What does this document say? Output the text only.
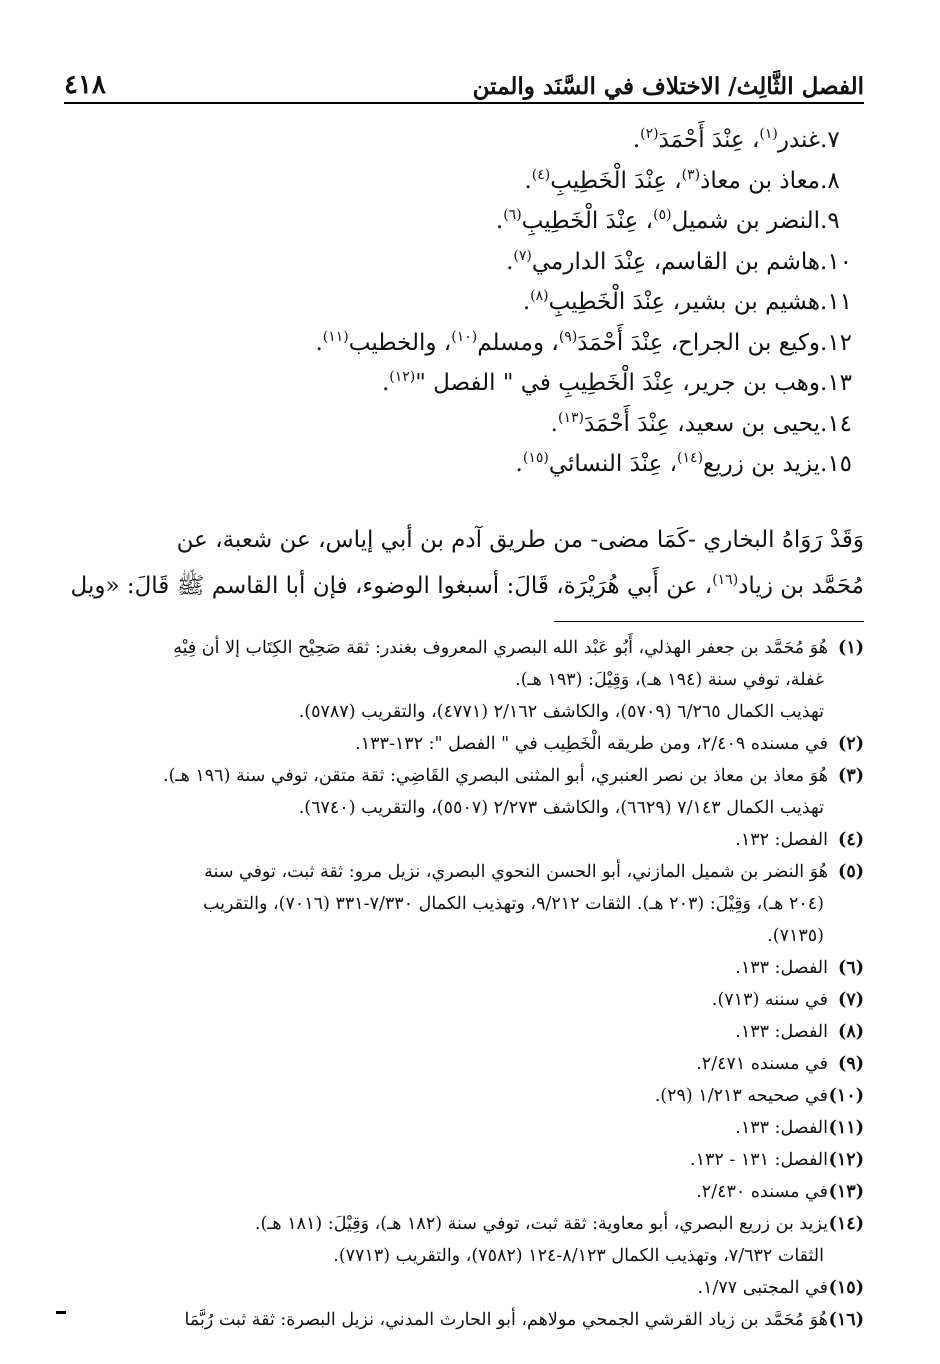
الفصل الثَّالِث/ الاختلاف في السَّنَد والمتن
٤١٨
٧.غندر$^{(١)}$، عِنْدَ أَحْمَدَ$^{(٢)}$.
٨.معاذ بن معاذ$^{(٣)}$، عِنْدَ الْخَطِيبِ$^{(٤)}$.
٩.النضر بن شميل$^{(٥)}$، عِنْدَ الْخَطِيبِ$^{(٦)}$.
١٠.هاشم بن القاسم، عِنْدَ الدارمي$^{(٧)}$.
١١.هشيم بن بشير، عِنْدَ الْخَطِيبِ$^{(٨)}$.
١٢.وكيع بن الجراح، عِنْدَ أَحْمَدَ$^{(٩)}$، ومسلم$^{(١٠)}$، والخطيب$^{(١١)}$.
١٣.وهب بن جرير، عِنْدَ الْخَطِيبِ في " الفصل "$^{(١٢)}$.
١٤.يحيى بن سعيد، عِنْدَ أَحْمَدَ$^{(١٣)}$.
١٥.يزيد بن زريع$^{(١٤)}$، عِنْدَ النسائي$^{(١٥)}$.
وَقَدْ رَوَاهُ البخاري -كَمَا مضى- من طريق آدم بن أبي إياس، عن شعبة، عن
مُحَمَّد بن زياد$^{(١٦)}$، عن أَبي هُرَيْرَة، قَالَ: أسبغوا الوضوء، فإن أبا القاسم ﷺ قَالَ: «ويل
(١)هُوَ مُحَمَّد بن جعفر الهذلي، أَبُو عَبْد الله البصري المعروف بغندر: ثقة صَحِيْح الكِتَاب إلا أن فِيْهِ
غفلة، توفي سنة (١٩٤ هـ)، وَقِيْلَ: (١٩٣ هـ).
تهذيب الكمال ٦/٢٦٥ (٥٧٠٩)، والكاشف ٢/١٦٢ (٤٧٧١)، والتقريب (٥٧٨٧).
(٢)في مسنده ٢/٤٠٩، ومن طريقه الْخَطِيب في " الفصل ": ١٣٢-١٣٣.
(٣)هُوَ معاذ بن معاذ بن نصر العنبري، أبو المثنى البصري القَاضِي: ثقة متقن، توفي سنة (١٩٦ هـ).
تهذيب الكمال ٧/١٤٣ (٦٦٢٩)، والكاشف ٢/٢٧٣ (٥٥٠٧)، والتقريب (٦٧٤٠).
(٤)الفصل: ١٣٢.
(٥)هُوَ النضر بن شميل المازني، أبو الحسن النحوي البصري، نزيل مرو: ثقة ثبت، توفي سنة
(٢٠٤ هـ)، وَقِيْلَ: (٢٠٣ هـ). الثقات ٩/٢١٢، وتهذيب الكمال ٧/٣٣٠-٣٣١ (٧٠١٦)، والتقريب
(٧١٣٥).
(٦)الفصل: ١٣٣.
(٧)في سننه (٧١٣).
(٨)الفصل: ١٣٣.
(٩)في مسنده ٢/٤٧١.
(١٠)في صحيحه ١/٢١٣ (٢٩).
(١١)الفصل: ١٣٣.
(١٢)الفصل: ١٣١ - ١٣٢.
(١٣)في مسنده ٢/٤٣٠.
(١٤)يزيد بن زريع البصري، أبو معاوية: ثقة ثبت، توفي سنة (١٨٢ هـ)، وَقِيْلَ: (١٨١ هـ).
الثقات ٧/٦٣٢، وتهذيب الكمال ٨/١٢٣-١٢٤ (٧٥٨٢)، والتقريب (٧٧١٣).
(١٥)في المجتبى ١/٧٧.
(١٦)هُوَ مُحَمَّد بن زياد القرشي الجمحي مولاهم، أبو الحارث المدني، نزيل البصرة: ثقة ثبت رُبَّمَا
